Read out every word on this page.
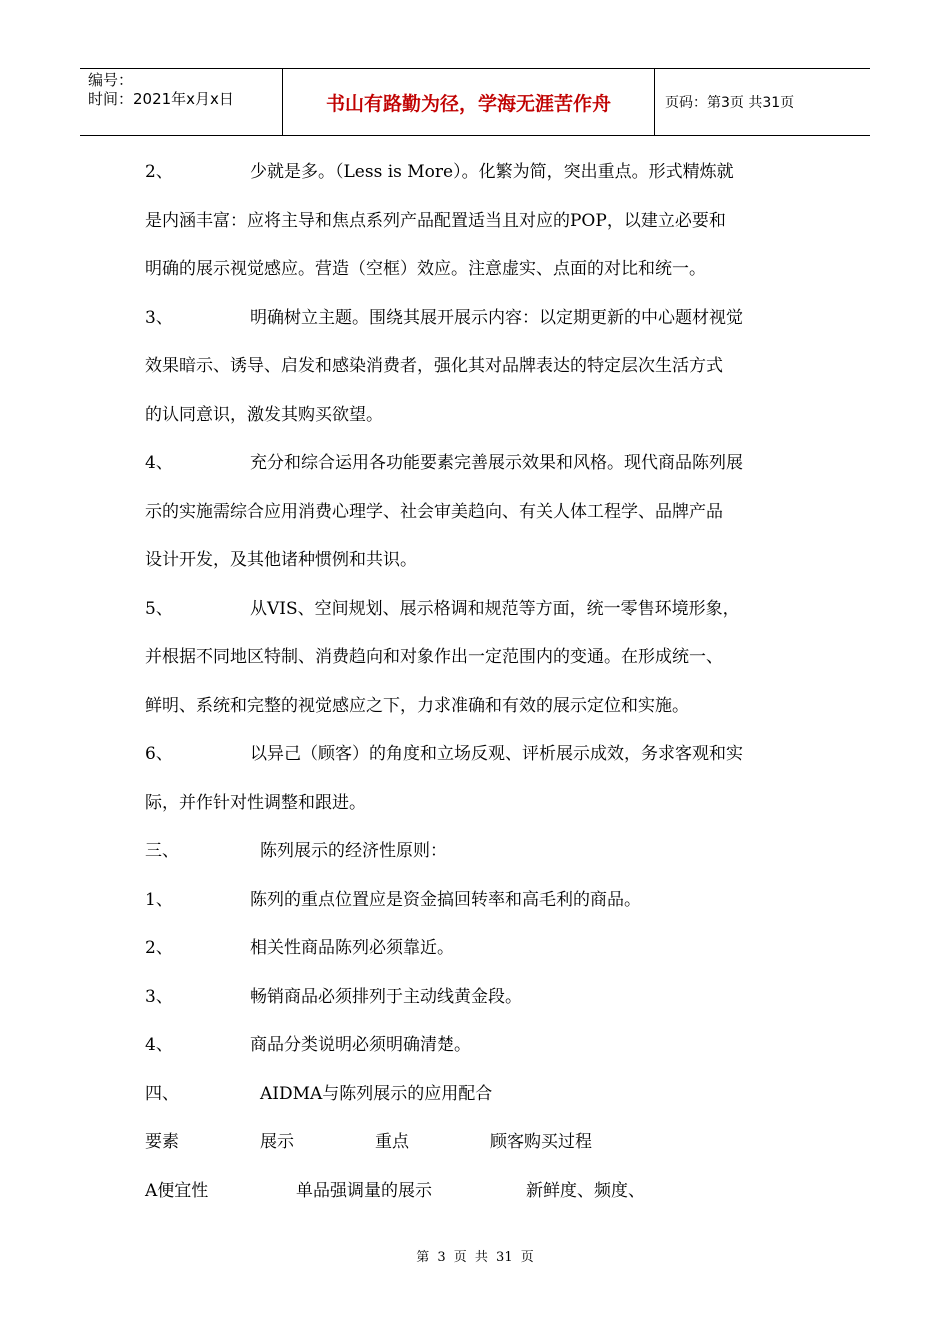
编号：
时间：2021年x月x日	书山有路勤为径，学海无涯苦作舟	页码：第3页 共31页
2、	少就是多。（Less is More）。化繁为简，突出重点。形式精炼就
是内涵丰富：应将主导和焦点系列产品配置适当且对应的POP，以建立必要和
明确的展示视觉感应。营造（空框）效应。注意虚实、点面的对比和统一。
3、	明确树立主题。围绕其展开展示内容：以定期更新的中心题材视觉
效果暗示、诱导、启发和感染消费者，强化其对品牌表达的特定层次生活方式
的认同意识，激发其购买欲望。
4、	充分和综合运用各功能要素完善展示效果和风格。现代商品陈列展
示的实施需综合应用消费心理学、社会审美趋向、有关人体工程学、品牌产品
设计开发，及其他诸种惯例和共识。
5、	从VIS、空间规划、展示格调和规范等方面，统一零售环境形象，
并根据不同地区特制、消费趋向和对象作出一定范围内的变通。在形成统一、
鲜明、系统和完整的视觉感应之下，力求准确和有效的展示定位和实施。
6、	以异己（顾客）的角度和立场反观、评析展示成效，务求客观和实
际，并作针对性调整和跟进。
三、	陈列展示的经济性原则：
1、	陈列的重点位置应是资金搞回转率和高毛利的商品。
2、	相关性商品陈列必须靠近。
3、	畅销商品必须排列于主动线黄金段。
4、	商品分类说明必须明确清楚。
四、	AIDMA与陈列展示的应用配合
要素	展示	重点	顾客购买过程
A便宜性	单品强调量的展示	新鲜度、频度、
第 3 页 共 31 页
